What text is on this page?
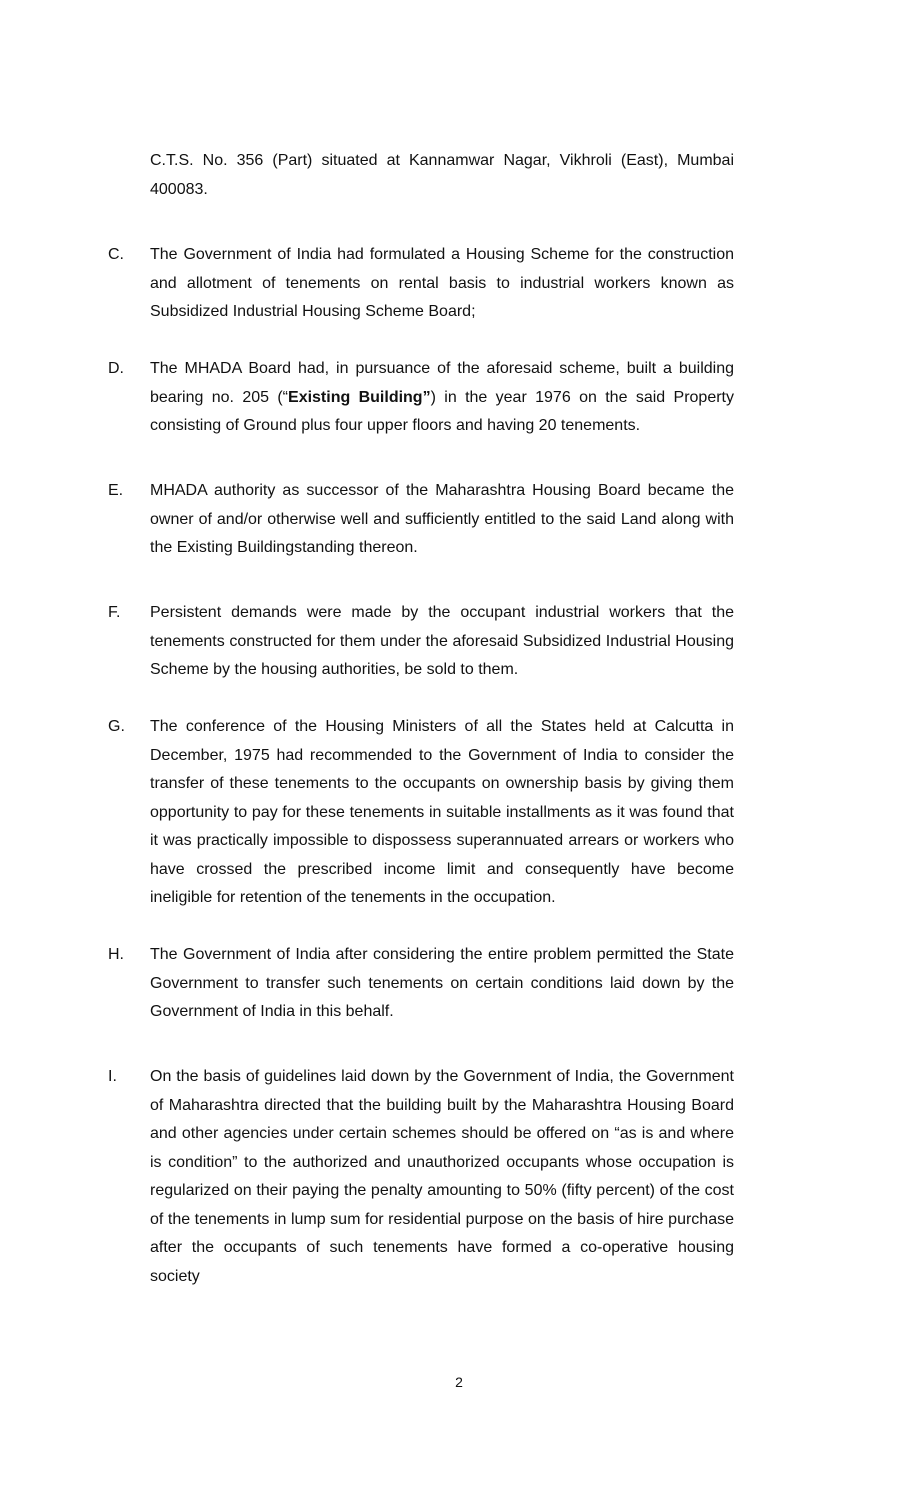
C.T.S. No. 356 (Part) situated at Kannamwar Nagar, Vikhroli (East), Mumbai 400083.
C.	The Government of India had formulated a Housing Scheme for the construction and allotment of tenements on rental basis to industrial workers known as Subsidized Industrial Housing Scheme Board;
D.	The MHADA Board had, in pursuance of the aforesaid scheme, built a building bearing no. 205 (“Existing Building”) in the year 1976 on the said Property consisting of Ground plus four upper floors and having 20 tenements.
E.	MHADA authority as successor of the Maharashtra Housing Board became the owner of and/or otherwise well and sufficiently entitled to the said Land along with the Existing Buildingstanding thereon.
F.	Persistent demands were made by the occupant industrial workers that the tenements constructed for them under the aforesaid Subsidized Industrial Housing Scheme by the housing authorities, be sold to them.
G.	The conference of the Housing Ministers of all the States held at Calcutta in December, 1975 had recommended to the Government of India to consider the transfer of these tenements to the occupants on ownership basis by giving them opportunity to pay for these tenements in suitable installments as it was found that it was practically impossible to dispossess superannuated arrears or workers who have crossed the prescribed income limit and consequently have become ineligible for retention of the tenements in the occupation.
H.	The Government of India after considering the entire problem permitted the State Government to transfer such tenements on certain conditions laid down by the Government of India in this behalf.
I.	On the basis of guidelines laid down by the Government of India, the Government of Maharashtra directed that the building built by the Maharashtra Housing Board and other agencies under certain schemes should be offered on “as is and where is condition” to the authorized and unauthorized occupants whose occupation is regularized on their paying the penalty amounting to 50% (fifty percent) of the cost of the tenements in lump sum for residential purpose on the basis of hire purchase after the occupants of such tenements have formed a co-operative housing society
2
